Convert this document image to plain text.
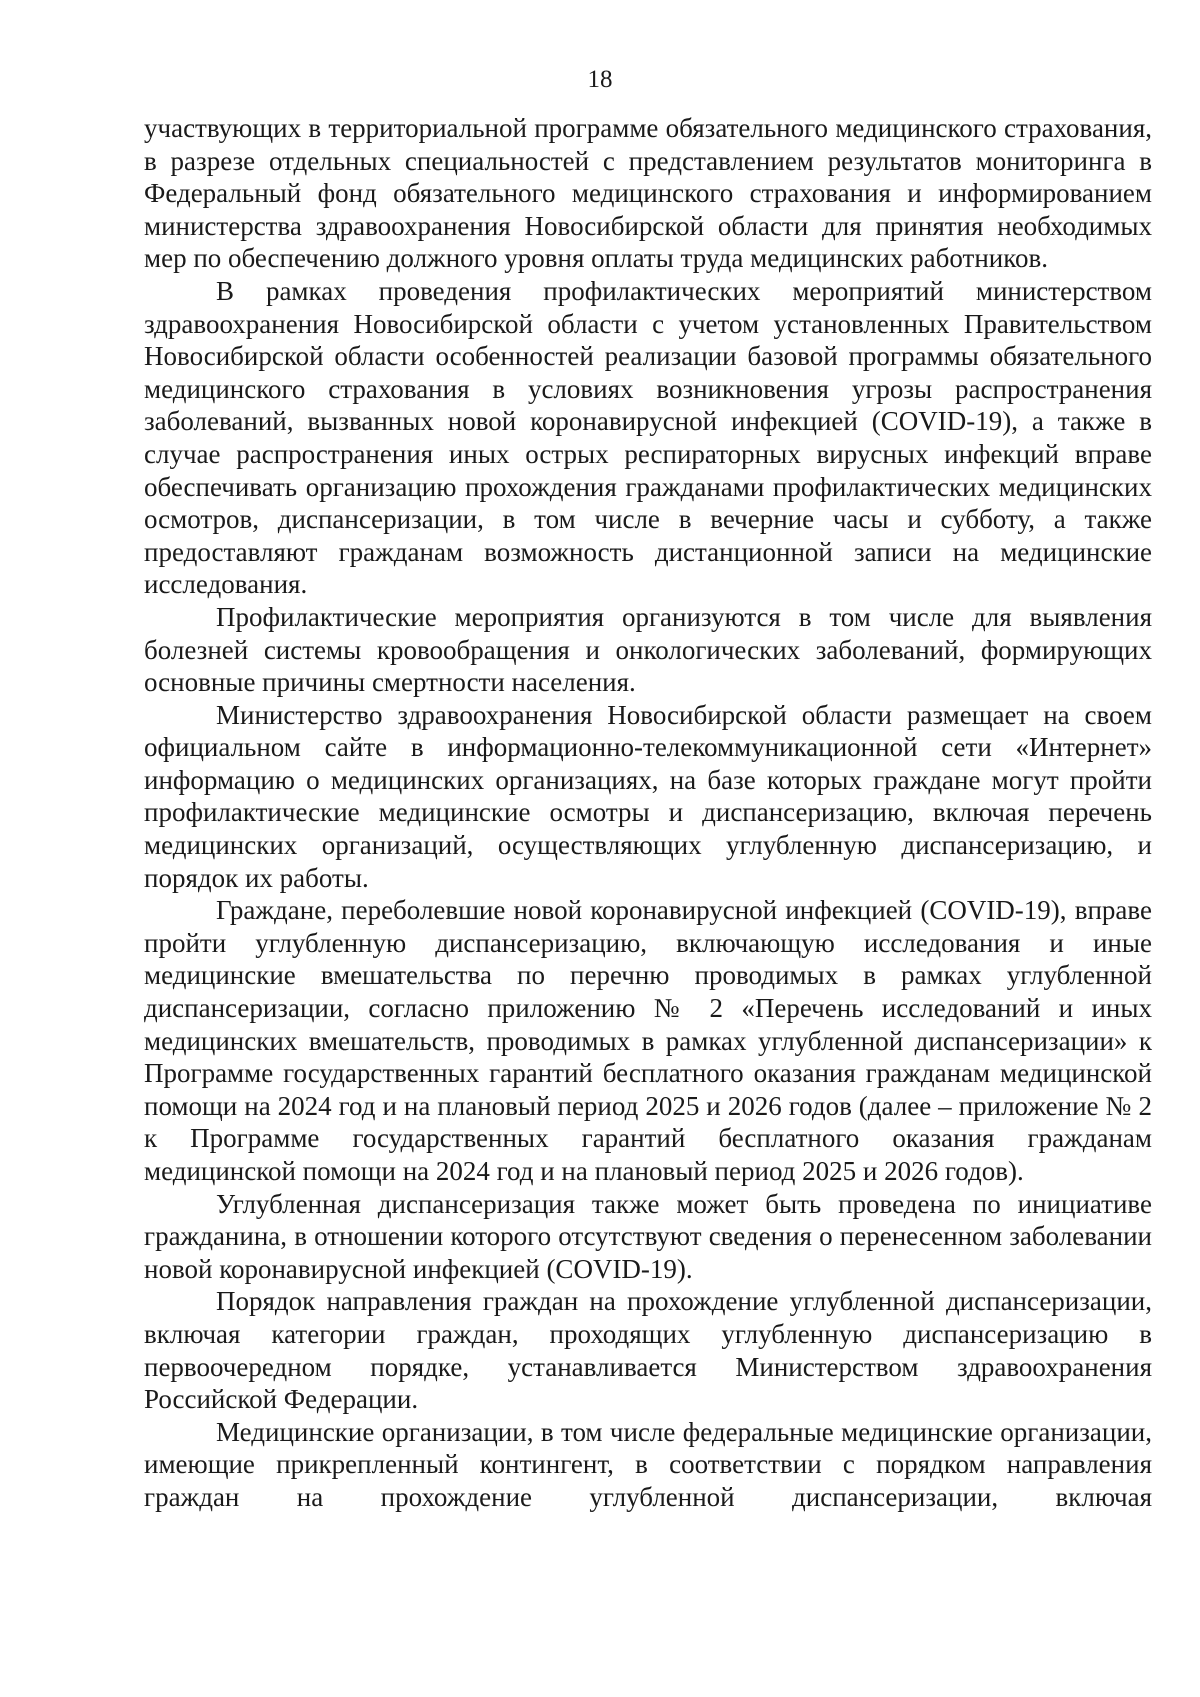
18

участвующих в территориальной программе обязательного медицинского страхования, в разрезе отдельных специальностей с представлением результатов мониторинга в Федеральный фонд обязательного медицинского страхования и информированием министерства здравоохранения Новосибирской области для принятия необходимых мер по обеспечению должного уровня оплаты труда медицинских работников.

В рамках проведения профилактических мероприятий министерством здравоохранения Новосибирской области с учетом установленных Правительством Новосибирской области особенностей реализации базовой программы обязательного медицинского страхования в условиях возникновения угрозы распространения заболеваний, вызванных новой коронавирусной инфекцией (COVID-19), а также в случае распространения иных острых респираторных вирусных инфекций вправе обеспечивать организацию прохождения гражданами профилактических медицинских осмотров, диспансеризации, в том числе в вечерние часы и субботу, а также предоставляют гражданам возможность дистанционной записи на медицинские исследования.

Профилактические мероприятия организуются в том числе для выявления болезней системы кровообращения и онкологических заболеваний, формирующих основные причины смертности населения.

Министерство здравоохранения Новосибирской области размещает на своем официальном сайте в информационно-телекоммуникационной сети «Интернет» информацию о медицинских организациях, на базе которых граждане могут пройти профилактические медицинские осмотры и диспансеризацию, включая перечень медицинских организаций, осуществляющих углубленную диспансеризацию, и порядок их работы.

Граждане, переболевшие новой коронавирусной инфекцией (COVID-19), вправе пройти углубленную диспансеризацию, включающую исследования и иные медицинские вмешательства по перечню проводимых в рамках углубленной диспансеризации, согласно приложению № 2 «Перечень исследований и иных медицинских вмешательств, проводимых в рамках углубленной диспансеризации» к Программе государственных гарантий бесплатного оказания гражданам медицинской помощи на 2024 год и на плановый период 2025 и 2026 годов (далее – приложение № 2 к Программе государственных гарантий бесплатного оказания гражданам медицинской помощи на 2024 год и на плановый период 2025 и 2026 годов).

Углубленная диспансеризация также может быть проведена по инициативе гражданина, в отношении которого отсутствуют сведения о перенесенном заболевании новой коронавирусной инфекцией (COVID-19).

Порядок направления граждан на прохождение углубленной диспансеризации, включая категории граждан, проходящих углубленную диспансеризацию в первоочередном порядке, устанавливается Министерством здравоохранения Российской Федерации.

Медицинские организации, в том числе федеральные медицинские организации, имеющие прикрепленный контингент, в соответствии с порядком направления граждан на прохождение углубленной диспансеризации, включая
